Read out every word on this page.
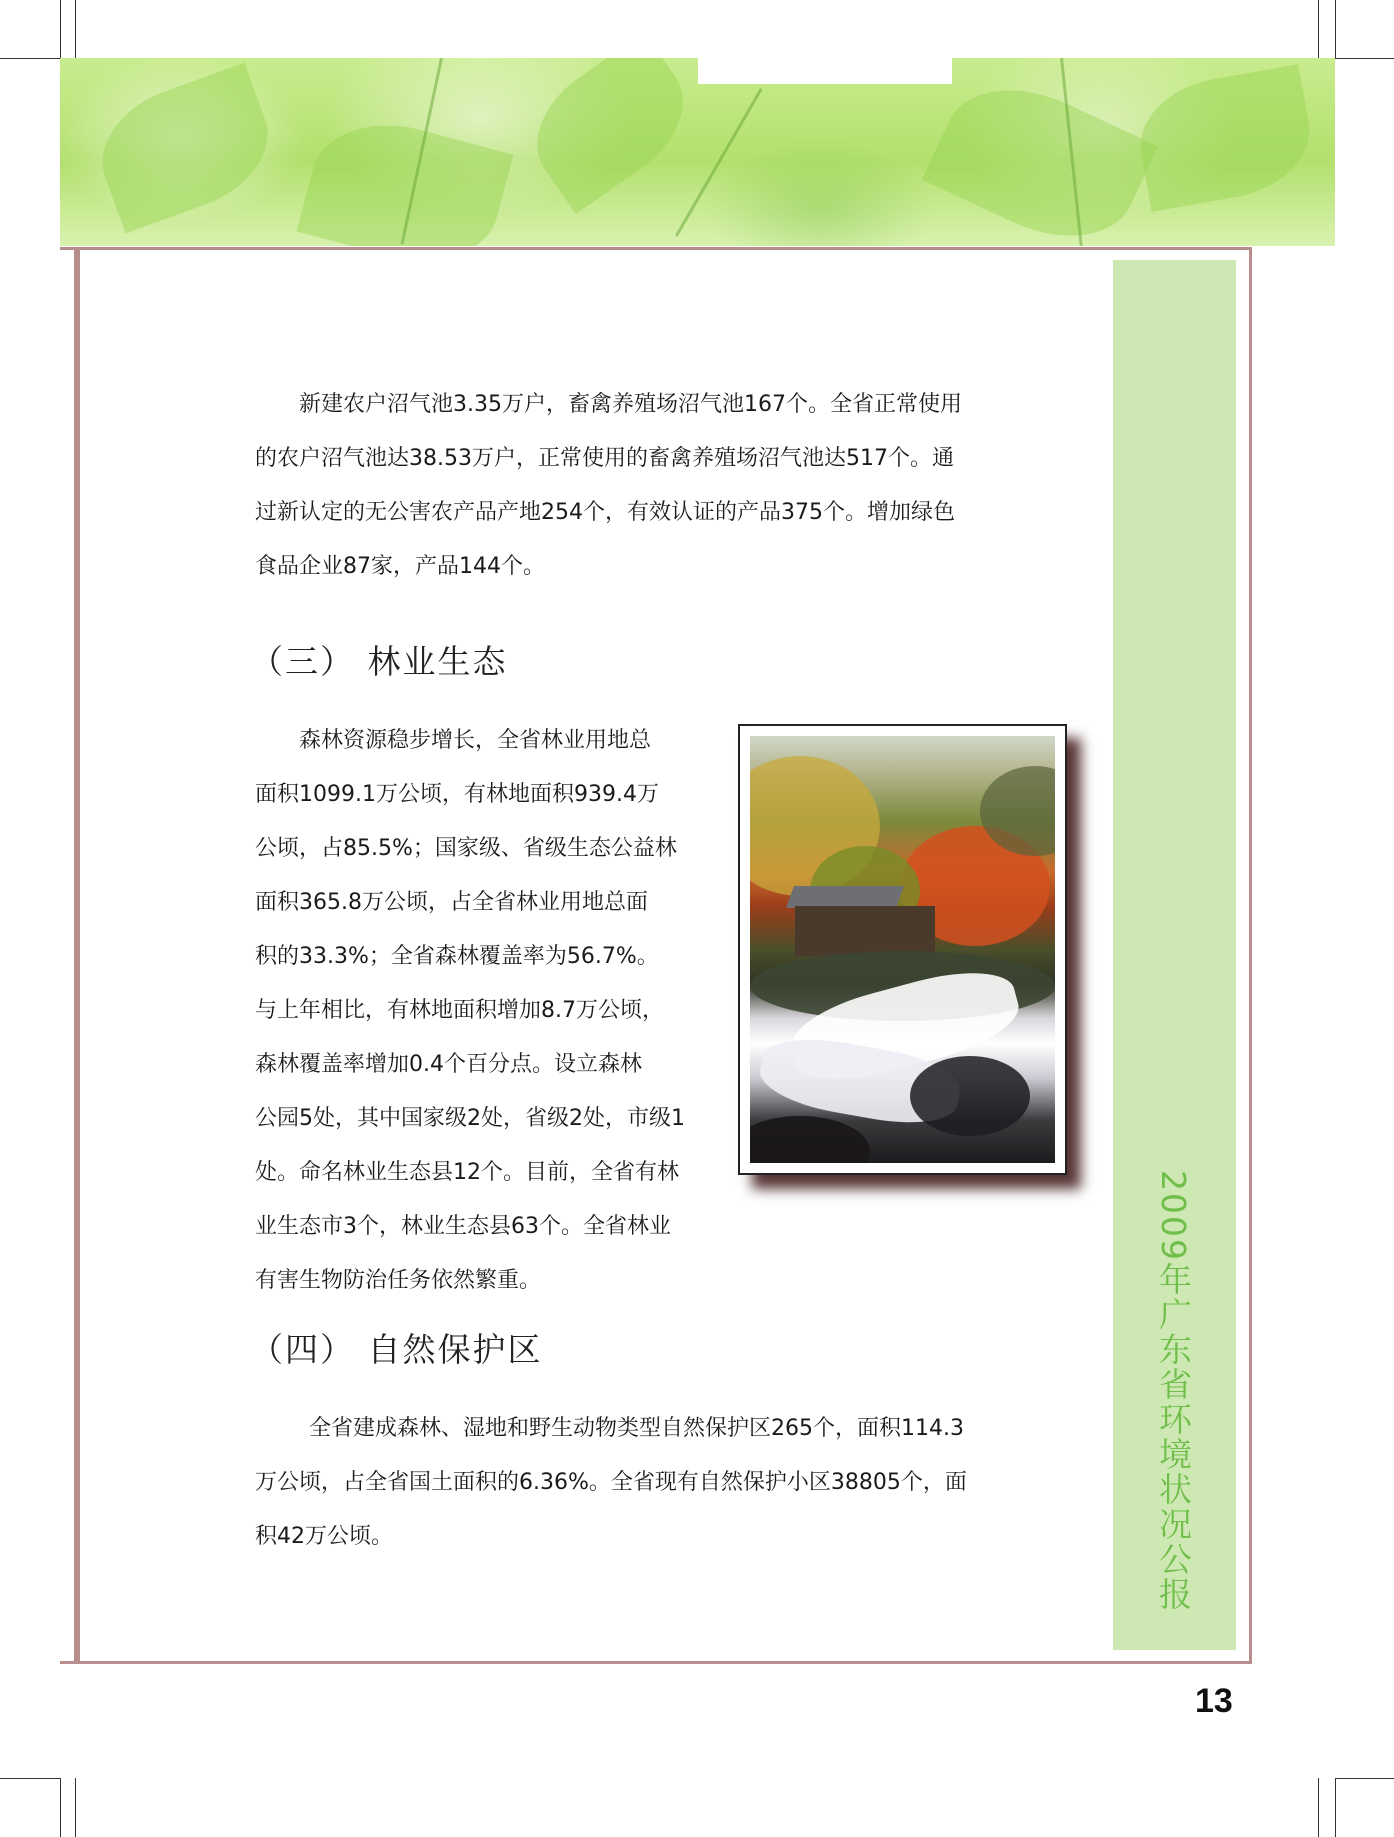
2009年广东省环境状况公报

新建农户沼气池3.35万户，畜禽养殖场沼气池167个。全省正常使用

的农户沼气池达38.53万户，正常使用的畜禽养殖场沼气池达517个。通

过新认定的无公害农产品产地254个，有效认证的产品375个。增加绿色

食品企业87家，产品144个。

（三） 林业生态

森林资源稳步增长，全省林业用地总

面积1099.1万公顷，有林地面积939.4万

公顷，占85.5%；国家级、省级生态公益林

面积365.8万公顷，占全省林业用地总面

积的33.3%；全省森林覆盖率为56.7%。

与上年相比，有林地面积增加8.7万公顷，

森林覆盖率增加0.4个百分点。设立森林

公园5处，其中国家级2处，省级2处，市级1

处。命名林业生态县12个。目前，全省有林

业生态市3个，林业生态县63个。全省林业

有害生物防治任务依然繁重。

（四） 自然保护区

全省建成森林、湿地和野生动物类型自然保护区265个，面积114.3

万公顷，占全省国土面积的6.36%。全省现有自然保护小区38805个，面

积42万公顷。

13
